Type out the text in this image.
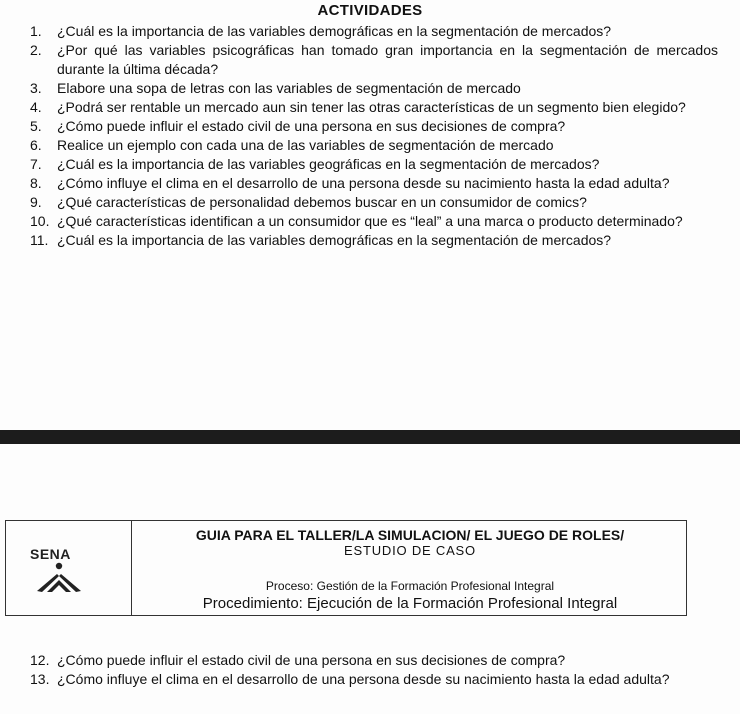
ACTIVIDADES
1. ¿Cuál es la importancia de las variables demográficas en la segmentación de mercados?
2. ¿Por qué las variables psicográficas han tomado gran importancia en la segmentación de mercados durante la última década?
3. Elabore una sopa de letras con las variables de segmentación de mercado
4. ¿Podrá ser rentable un mercado aun sin tener las otras características de un segmento bien elegido?
5. ¿Cómo puede influir el estado civil de una persona en sus decisiones de compra?
6. Realice un ejemplo con cada una de las variables de segmentación de mercado
7. ¿Cuál es la importancia de las variables geográficas en la segmentación de mercados?
8. ¿Cómo influye el clima en el desarrollo de una persona desde su nacimiento hasta la edad adulta?
9. ¿Qué características de personalidad debemos buscar en un consumidor de comics?
10. ¿Qué características identifican a un consumidor que es “leal” a una marca o producto determinado?
11. ¿Cuál es la importancia de las variables demográficas en la segmentación de mercados?
SENA
GUIA PARA EL TALLER/LA SIMULACION/ EL JUEGO DE ROLES/
ESTUDIO DE CASO
Proceso: Gestión de la Formación Profesional Integral
Procedimiento: Ejecución de la Formación Profesional Integral
12. ¿Cómo puede influir el estado civil de una persona en sus decisiones de compra?
13. ¿Cómo influye el clima en el desarrollo de una persona desde su nacimiento hasta la edad adulta?
